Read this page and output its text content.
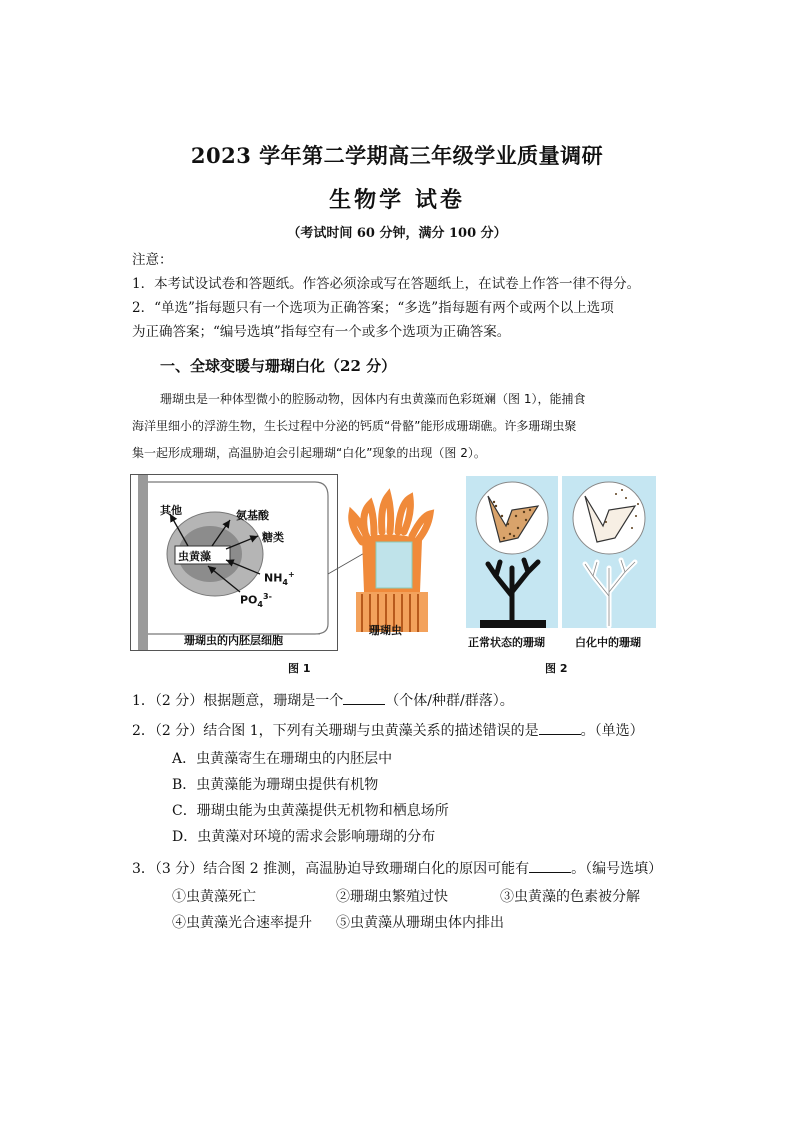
2023 学年第二学期高三年级学业质量调研
生物学 试卷
（考试时间 60 分钟，满分 100 分）
注意：
1．本考试设试卷和答题纸。作答必须涂或写在答题纸上，在试卷上作答一律不得分。
2．“单选”指每题只有一个选项为正确答案；“多选”指每题有两个或两个以上选项
为正确答案；“编号选填”指每空有一个或多个选项为正确答案。
一、全球变暖与珊瑚白化（22 分）
珊瑚虫是一种体型微小的腔肠动物，因体内有虫黄藻而色彩斑斓（图 1），能捕食
海洋里细小的浮游生物，生长过程中分泌的钙质“骨骼”能形成珊瑚礁。许多珊瑚虫聚
集一起形成珊瑚，高温胁迫会引起珊瑚“白化”现象的出现（图 2）。
其他	氨基酸
糖类
虫黄藻
$NH_4^+$
$PO_4^{3-}$
珊瑚虫的内胚层细胞
珊瑚虫
图 1
正常状态的珊瑚	白化中的珊瑚
图 2
1．（2 分）根据题意，珊瑚是一个	（个体/种群/群落）。
2．（2 分）结合图 1，下列有关珊瑚与虫黄藻关系的描述错误的是	。（单选）
A．虫黄藻寄生在珊瑚虫的内胚层中
B．虫黄藻能为珊瑚虫提供有机物
C．珊瑚虫能为虫黄藻提供无机物和栖息场所
D．虫黄藻对环境的需求会影响珊瑚的分布
3．（3 分）结合图 2 推测，高温胁迫导致珊瑚白化的原因可能有	。（编号选填）
①虫黄藻死亡	②珊瑚虫繁殖过快	③虫黄藻的色素被分解
④虫黄藻光合速率提升 ⑤虫黄藻从珊瑚虫体内排出
